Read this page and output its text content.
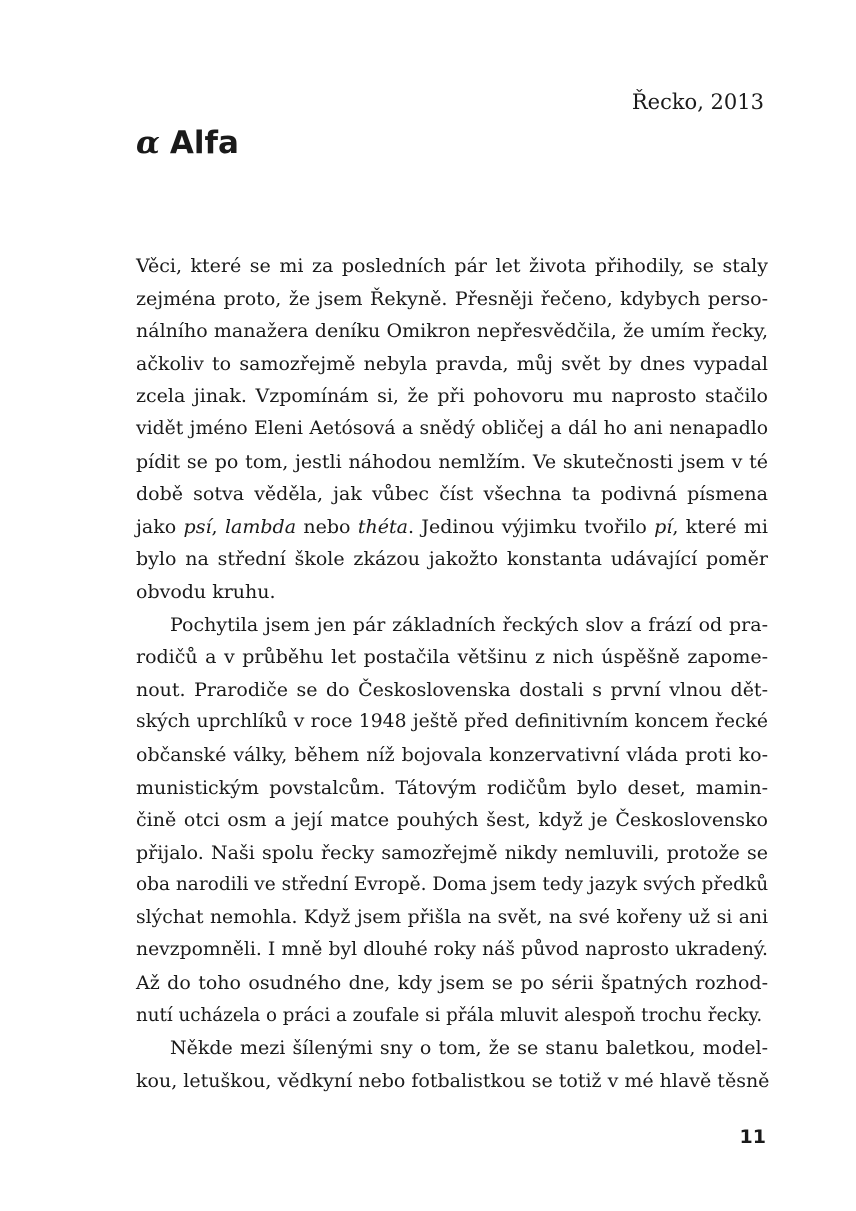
Řecko, 2013
α Alfa
Věci, které se mi za posledních pár let života přihodily, se staly
zejména proto, že jsem Řekyně. Přesněji řečeno, kdybych perso-
nálního manažera deníku Omikron nepřesvědčila, že umím řecky,
ačkoliv to samozřejmě nebyla pravda, můj svět by dnes vypadal
zcela jinak. Vzpomínám si, že při pohovoru mu naprosto stačilo
vidět jméno Eleni Aetósová a snědý obličej a dál ho ani nenapadlo
pídit se po tom, jestli náhodou nemlžím. Ve skutečnosti jsem v té
době sotva věděla, jak vůbec číst všechna ta podivná písmena
jako psí, lambda nebo théta. Jedinou výjimku tvořilo pí, které mi
bylo na střední škole zkázou jakožto konstanta udávající poměr
obvodu kruhu.
Pochytila jsem jen pár základních řeckých slov a frází od pra-
rodičů a v průběhu let postačila většinu z nich úspěšně zapome-
nout. Prarodiče se do Československa dostali s první vlnou dět-
ských uprchlíků v roce 1948 ještě před definitivním koncem řecké
občanské války, během níž bojovala konzervativní vláda proti ko-
munistickým povstalcům. Tátovým rodičům bylo deset, mamin-
čině otci osm a její matce pouhých šest, když je Československo
přijalo. Naši spolu řecky samozřejmě nikdy nemluvili, protože se
oba narodili ve střední Evropě. Doma jsem tedy jazyk svých předků
slýchat nemohla. Když jsem přišla na svět, na své kořeny už si ani
nevzpomněli. I mně byl dlouhé roky náš původ naprosto ukradený.
Až do toho osudného dne, kdy jsem se po sérii špatných rozhod-
nutí ucházela o práci a zoufale si přála mluvit alespoň trochu řecky.
Někde mezi šílenými sny o tom, že se stanu baletkou, model-
kou, letuškou, vědkyní nebo fotbalistkou se totiž v mé hlavě těsně
11
